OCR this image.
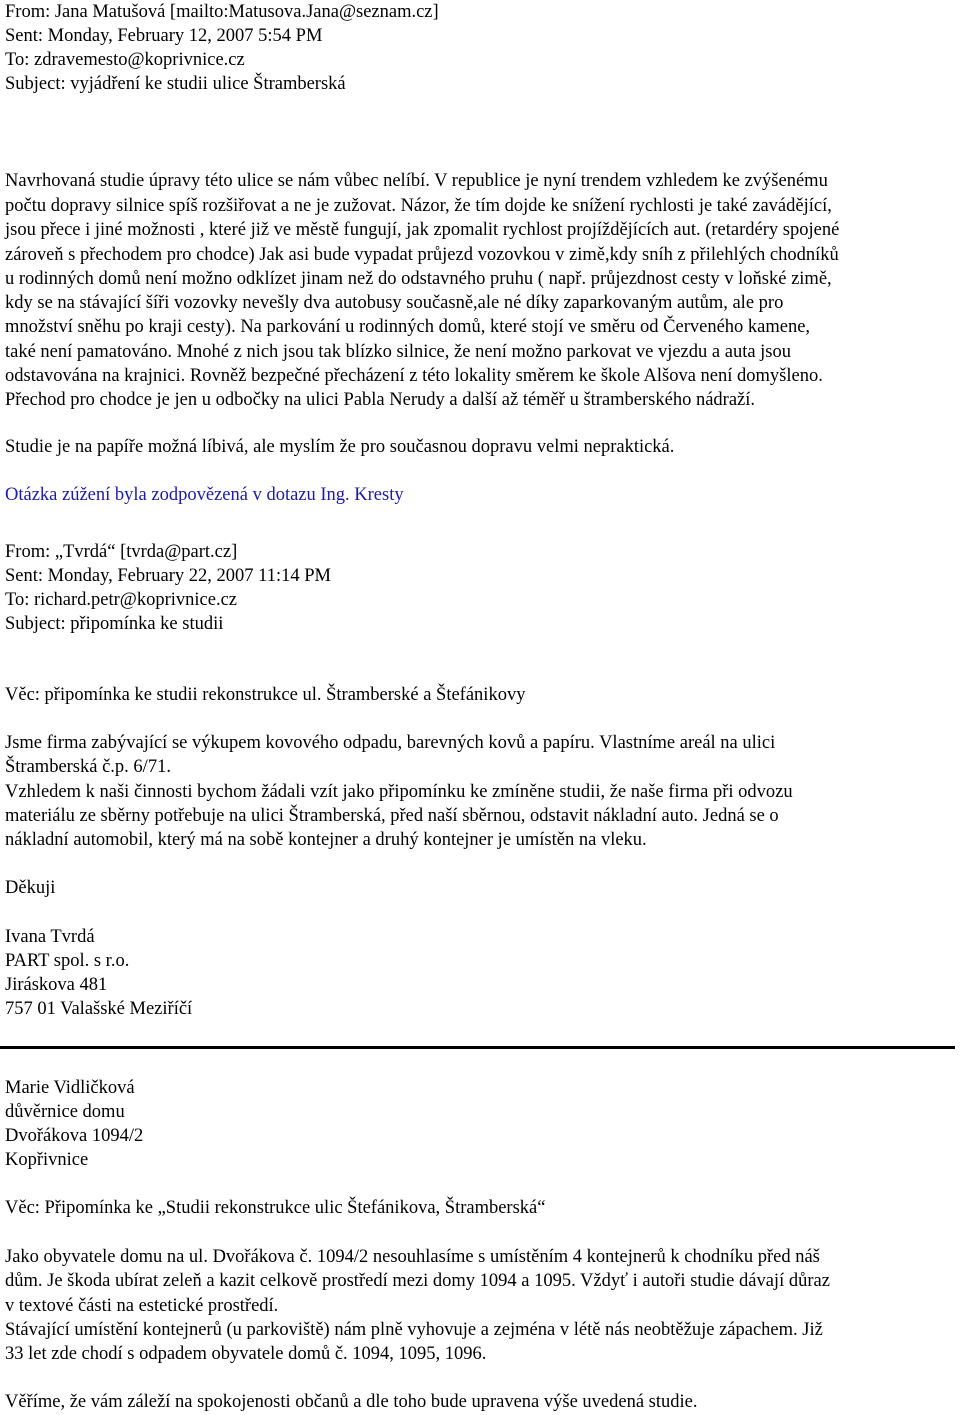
From: Jana Matušová [mailto:Matusova.Jana@seznam.cz]
Sent: Monday, February 12, 2007 5:54 PM
To: zdravemesto@koprivnice.cz
Subject: vyjádření ke studii ulice Štramberská
Navrhovaná studie úpravy této ulice se nám vůbec nelíbí. V republice je nyní trendem vzhledem ke zvýšenému
počtu dopravy silnice spíš rozšiřovat a ne je zužovat. Názor, že tím dojde ke snížení rychlosti je také zavádějící,
jsou přece i jiné možnosti , které již ve městě fungují, jak zpomalit rychlost projíždějících aut. (retardéry spojené
zároveň s přechodem pro chodce) Jak asi bude vypadat průjezd vozovkou v zimě,kdy sníh z přilehlých chodníků
u rodinných domů není možno odklízet jinam než do odstavného pruhu ( např. průjezdnost cesty v loňské zimě,
kdy se na stávající šíři vozovky nevešly dva autobusy současně,ale né díky zaparkovaným autům, ale pro
množství sněhu po kraji cesty). Na parkování u rodinných domů, které stojí ve směru od Červeného kamene,
také není pamatováno. Mnohé z nich jsou tak blízko silnice, že není možno parkovat ve vjezdu a auta jsou
odstavována na krajnici. Rovněž bezpečné přecházení z této lokality směrem ke škole Alšova není domyšleno.
Přechod pro chodce je jen u odbočky na ulici Pabla Nerudy a další až téměř u štramberského nádraží.
Studie je na papíře možná líbivá, ale myslím že pro současnou dopravu velmi nepraktická.
Otázka zúžení byla zodpovězená v dotazu Ing. Kresty
From: „Tvrdá“ [tvrda@part.cz]
Sent: Monday, February 22, 2007 11:14 PM
To: richard.petr@koprivnice.cz
Subject: připomínka ke studii
Věc: připomínka ke studii rekonstrukce ul. Štramberské a Štefánikovy
Jsme firma zabývající se výkupem kovového odpadu, barevných kovů a papíru. Vlastníme areál na ulici
Štramberská č.p. 6/71.
Vzhledem k naši činnosti bychom žádali vzít jako připomínku ke zmíněne studii, že naše firma při odvozu
materiálu ze sběrny potřebuje na ulici Štramberská, před naší sběrnou, odstavit nákladní auto. Jedná se o
nákladní automobil, který má na sobě kontejner a druhý kontejner je umístěn na vleku.
Děkuji
Ivana Tvrdá
PART spol. s r.o.
Jiráskova 481
757 01 Valašské Meziříčí
Marie Vidličková
důvěrnice domu
Dvořákova 1094/2
Kopřivnice
Věc: Připomínka ke „Studii rekonstrukce ulic Štefánikova, Štramberská“
Jako obyvatele domu na ul. Dvořákova č. 1094/2 nesouhlasíme s umístěním 4 kontejnerů k chodníku před náš
dům. Je škoda ubírat zeleň a kazit celkově prostředí mezi domy 1094 a 1095. Vždyť i autoři studie dávají důraz
v textové části na estetické prostředí.
Stávající umístění kontejnerů (u parkoviště) nám plně vyhovuje a zejména v létě nás neobtěžuje zápachem. Již
33 let zde chodí s odpadem obyvatele domů č. 1094, 1095, 1096.
Věříme, že vám záleží na spokojenosti občanů a dle toho bude upravena výše uvedená studie.
